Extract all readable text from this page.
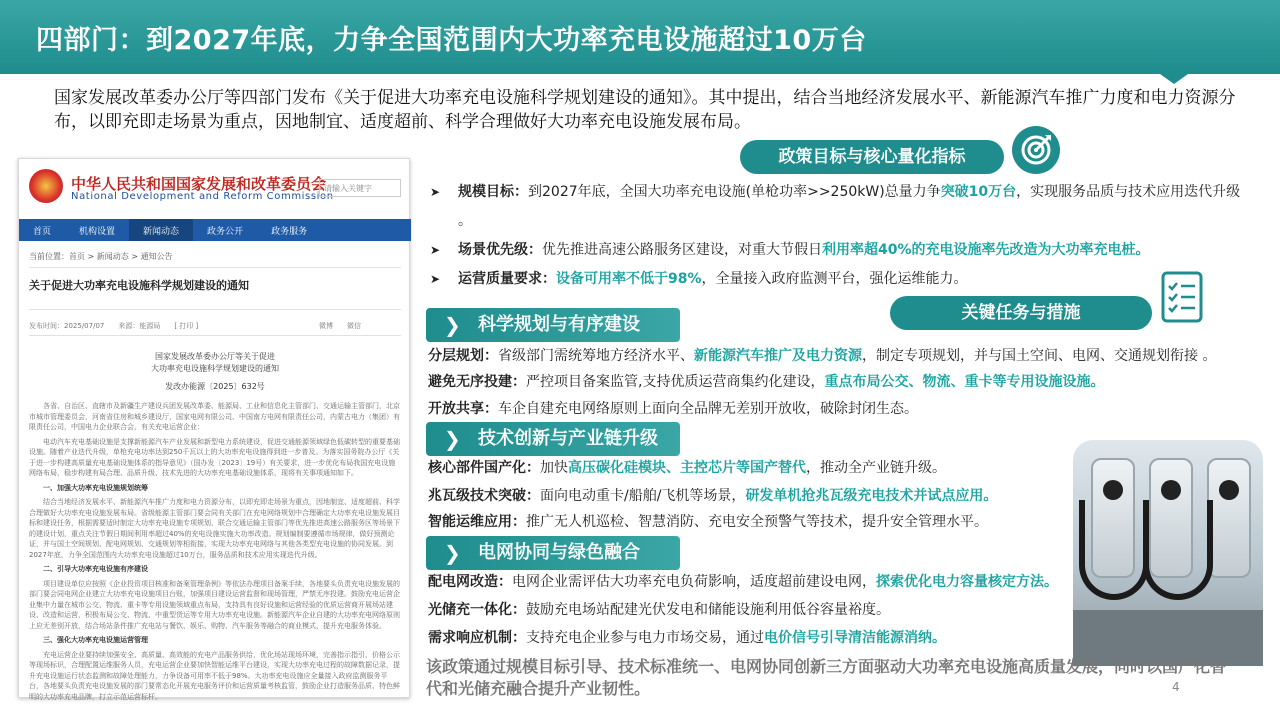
四部门：到2027年底，力争全国范围内大功率充电设施超过10万台
国家发展改革委办公厅等四部门发布《关于促进大功率充电设施科学规划建设的通知》。其中提出，结合当地经济发展水平、新能源汽车推广力度和电力资源分布，以即充即走场景为重点，因地制宜、适度超前、科学合理做好大功率充电设施发展布局。
中华人民共和国国家发展和改革委员会
National Development and Reform Commission
请输入关键字
首页	机构设置	新闻动态	政务公开	政务服务
当前位置：首页 > 新闻动态 > 通知公告
关于促进大功率充电设施科学规划建设的通知
发布时间：2025/07/07　　来源：能源局　　[ 打印 ]	微博　　微信
国家发展改革委办公厅等关于促进
大功率充电设施科学规划建设的通知
发改办能源〔2025〕632号

各省、自治区、直辖市及新疆生产建设兵团发展改革委、能源局、工业和信息化主管部门、交通运输主管部门，北京市城市管理委员会，河南省住房和城乡建设厅，国家电网有限公司、中国南方电网有限责任公司，内蒙古电力（集团）有限责任公司，中国电力企业联合会，有关充电运营企业：

电动汽车充电基础设施是支撑新能源汽车产业发展和新型电力系统建设，促进交通能源领域绿色低碳转型的重要基础设施。随着产业迭代升级，单枪充电功率达到250千瓦以上的大功率充电设施得到进一步普及。为落实国务院办公厅《关于进一步构建高质量充电基础设施体系的指导意见》（国办发〔2023〕19号）有关要求，进一步优化布局我国充电设施网络布局，稳步构建有局合理、品质升级、技术先进的大功率充电基础设施体系，现将有关事项通知如下。

一、加强大功率充电设施规划统筹

结合当地经济发展水平、新能源汽车推广力度和电力资源分布，以即充即走场景为重点，因地制宜、适度超前、科学合理做好大功率充电设施发展布局。省级能源主管部门要会同有关部门在充电网络规划中合理确定大功率充电设施发展目标和建设任务，根据需要适时制定大功率充电设施专项规划，联合交通运输主管部门等优先推进高速公路服务区等场景下的建设计划，重点关注节假日期间利用率超过40%的充电设施实施大功率改造。规划编制要遵循市场规律，做好预测论证，并与国土空间规划、配电网规划、交通规划等相衔接，实现大功率充电网络与其他各类型充电设施的协同发展。到2027年底，力争全国范围内大功率充电设施超过10万台，服务品质和技术应用实现迭代升级。

二、引导大功率充电设施有序建设

项目建设单位应按照《企业投资项目核准和备案管理条例》等依法办理项目备案手续，各地要头负责充电设施发展的部门要会同电网企业建立大功率充电设施项目台账，加强项目建设运营监督和现场管理，严禁无序投建。鼓励充电运营企业集中力量在城市公交、物流、重卡等专用设施领域重点布局，支持具有良好设施和运营经验的优质运营商开展场站建设、改造和运营，积极布局公交、物流、中重型货运等专用大功率充电设施。新能源汽车企业自建的大功率充电网络原则上应无差别开放，结合场站条件推广充电站与餐饮、娱乐、购物、汽车服务等融合的商业模式，提升充电服务体验。

三、强化大功率充电设施运营管理

充电运营企业要持续加强安全、高质量、高效能的充电产品服务供给，优化场站现场环境，完善指示指引，价格公示等现场标识，合理配置运维服务人员，充电运营企业要加快智能运维平台建设，实现大功率充电过程的故障数据记录，提升充电设施运行状态监测和故障处理能力，力争设备可用率不低于98%。大功率充电设施应全量接入政府监测服务平台，各地要头负责充电设施发展的部门要常态化开展充电服务评价和运营质量考核监管，鼓励企业打造服务品质、特色鲜明的大功率充电品牌，打立示范运营标杆。

政策目标与核心量化指标
➤ 规模目标：到2027年底，全国大功率充电设施(单枪功率>>250kW)总量力争突破10万台，实现服务品质与技术应用迭代升级 。
➤ 场景优先级：优先推进高速公路服务区建设，对重大节假日利用率超40%的充电设施率先改造为大功率充电桩。
➤ 运营质量要求：设备可用率不低于98%，全量接入政府监测平台，强化运维能力。
关键任务与措施
❯ 科学规划与有序建设
分层规划：省级部门需统筹地方经济水平、新能源汽车推广及电力资源，制定专项规划，并与国土空间、电网、交通规划衔接 。
避免无序投建：严控项目备案监管,支持优质运营商集约化建设，重点布局公交、物流、重卡等专用设施设施。
开放共享：车企自建充电网络原则上面向全品牌无差别开放收，破除封闭生态。
❯ 技术创新与产业链升级
核心部件国产化：加快高压碳化硅模块、主控芯片等国产替代，推动全产业链升级。
兆瓦级技术突破：面向电动重卡/船舶/飞机等场景，研发单机抢兆瓦级充电技术并试点应用。
智能运维应用：推广无人机巡检、智慧消防、充电安全预警气等技术，提升安全管理水平。
❯ 电网协同与绿色融合
配电网改造：电网企业需评估大功率充电负荷影响，适度超前建设电网，探索优化电力容量核定方法。
光储充一体化：鼓励充电场站配建光伏发电和储能设施利用低谷容量裕度。
需求响应机制：支持充电企业参与电力市场交易，通过电价信号引导清洁能源消纳。
该政策通过规模目标引导、技术标准统一、电网协同创新三方面驱动大功率充电设施高质量发展，同时以国产化替代和光储充融合提升产业韧性。	4
